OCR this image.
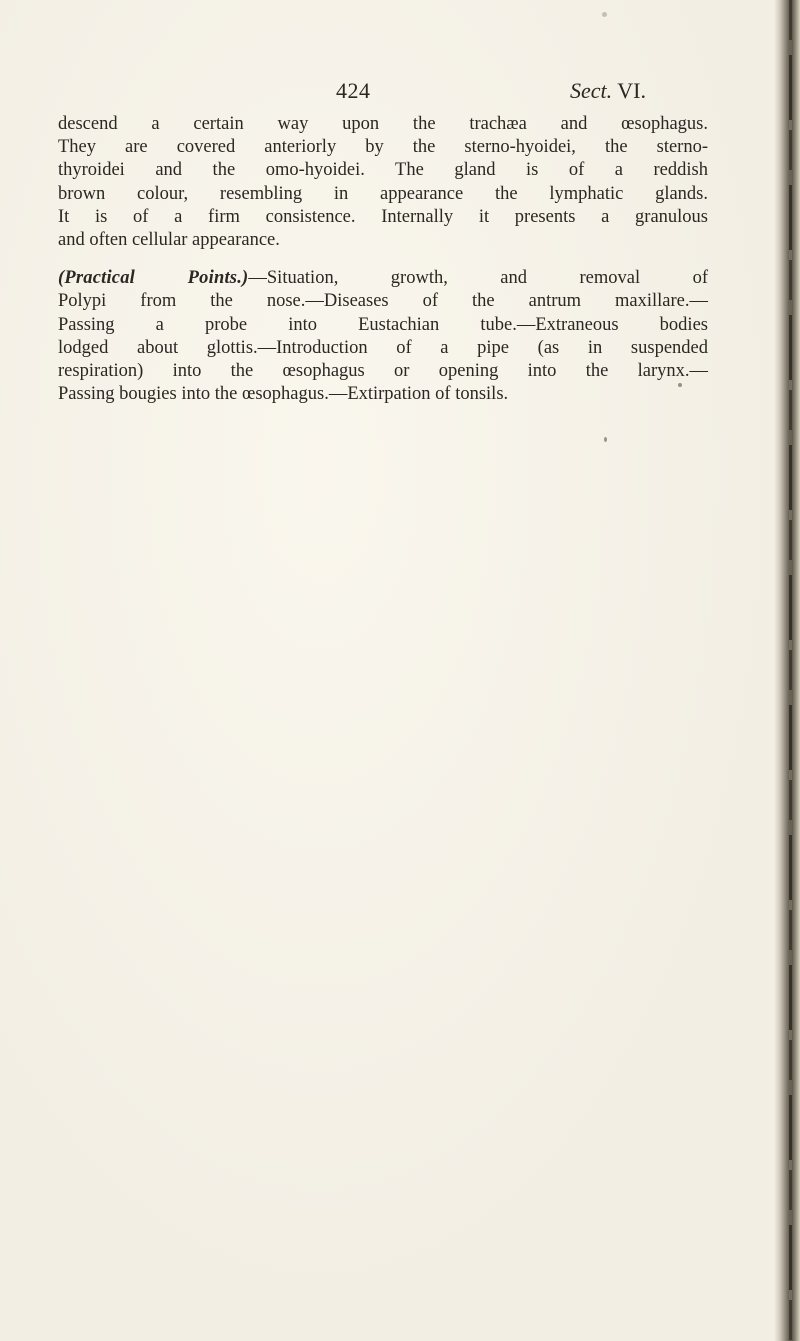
424	Sect. VI.
descend a certain way upon the trachæa and œsophagus.
They are covered anteriorly by the sterno-hyoidei, the sterno-
thyroidei and the omo-hyoidei. The gland is of a reddish
brown colour, resembling in appearance the lymphatic glands.
It is of a firm consistence. Internally it presents a granulous
and often cellular appearance.
(Practical Points.)—Situation, growth, and removal of
Polypi from the nose.—Diseases of the antrum maxillare.—
Passing a probe into Eustachian tube.—Extraneous bodies
lodged about glottis.—Introduction of a pipe (as in suspended
respiration) into the œsophagus or opening into the larynx.—
Passing bougies into the œsophagus.—Extirpation of tonsils.
